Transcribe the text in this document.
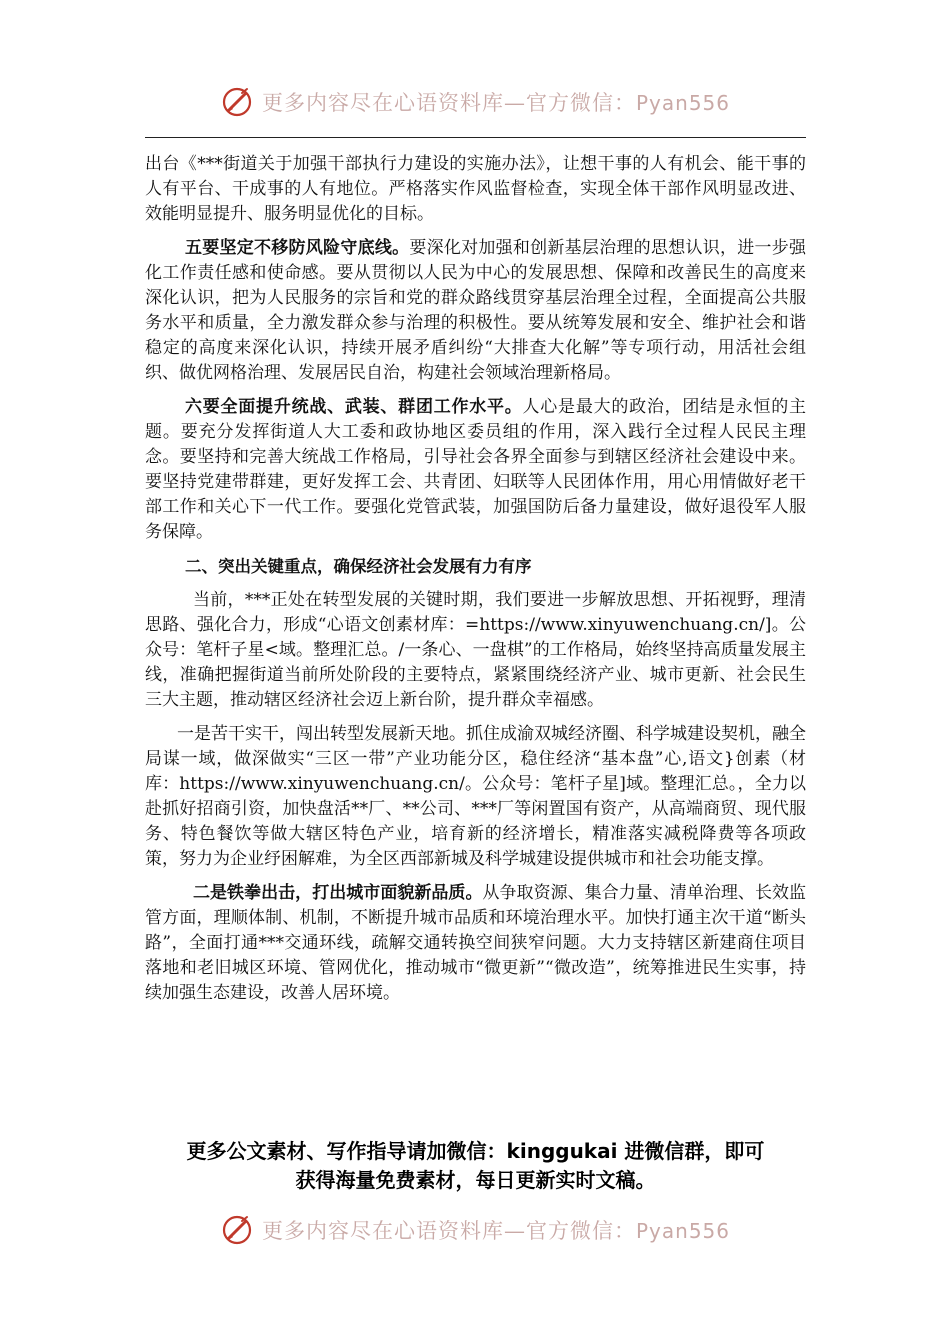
更多内容尽在心语资料库—官方微信：Pyan556

出台《***街道关于加强干部执行力建设的实施办法》，让想干事的人有机会、能干事的人有平台、干成事的人有地位。严格落实作风监督检查，实现全体干部作风明显改进、效能明显提升、服务明显优化的目标。

五要坚定不移防风险守底线。要深化对加强和创新基层治理的思想认识，进一步强化工作责任感和使命感。要从贯彻以人民为中心的发展思想、保障和改善民生的高度来深化认识，把为人民服务的宗旨和党的群众路线贯穿基层治理全过程，全面提高公共服务水平和质量，全力激发群众参与治理的积极性。要从统筹发展和安全、维护社会和谐稳定的高度来深化认识，持续开展矛盾纠纷“大排查大化解”等专项行动，用活社会组织、做优网格治理、发展居民自治，构建社会领域治理新格局。

六要全面提升统战、武装、群团工作水平。人心是最大的政治，团结是永恒的主题。要充分发挥街道人大工委和政协地区委员组的作用，深入践行全过程人民民主理念。要坚持和完善大统战工作格局，引导社会各界全面参与到辖区经济社会建设中来。要坚持党建带群建，更好发挥工会、共青团、妇联等人民团体作用，用心用情做好老干部工作和关心下一代工作。要强化党管武装，加强国防后备力量建设，做好退役军人服务保障。

二、突出关键重点，确保经济社会发展有力有序

当前，***正处在转型发展的关键时期，我们要进一步解放思想、开拓视野，理清思路、强化合力，形成“心语文创素材库：=https://www.xinyuwenchuang.cn/]。公众号：笔杆子星<域。整理汇总。/一条心、一盘棋”的工作格局，始终坚持高质量发展主线，准确把握街道当前所处阶段的主要特点，紧紧围绕经济产业、城市更新、社会民生三大主题，推动辖区经济社会迈上新台阶，提升群众幸福感。

一是苦干实干，闯出转型发展新天地。抓住成渝双城经济圈、科学城建设契机，融全局谋一域，做深做实“三区一带”产业功能分区，稳住经济“基本盘”心,语文}创素（材库：https://www.xinyuwenchuang.cn/。公众号：笔杆子星]域。整理汇总。，全力以赴抓好招商引资，加快盘活**厂、**公司、***厂等闲置国有资产，从高端商贸、现代服务、特色餐饮等做大辖区特色产业，培育新的经济增长，精准落实减税降费等各项政策，努力为企业纾困解难，为全区西部新城及科学城建设提供城市和社会功能支撑。

二是铁拳出击，打出城市面貌新品质。从争取资源、集合力量、清单治理、长效监管方面，理顺体制、机制，不断提升城市品质和环境治理水平。加快打通主次干道“断头路”，全面打通***交通环线，疏解交通转换空间狭窄问题。大力支持辖区新建商住项目落地和老旧城区环境、管网优化，推动城市“微更新”“微改造”，统筹推进民生实事，持续加强生态建设，改善人居环境。

更多公文素材、写作指导请加微信：kinggukai 进微信群，即可
获得海量免费素材，每日更新实时文稿。
更多内容尽在心语资料库—官方微信：Pyan556
